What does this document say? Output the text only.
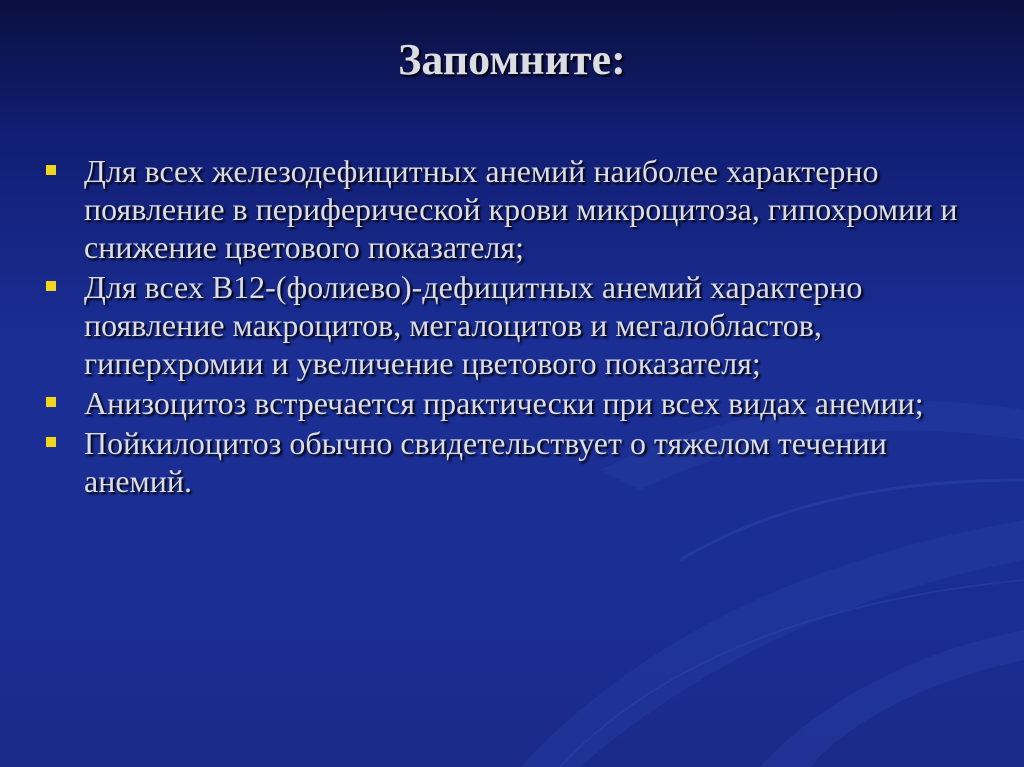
Запомните:
Для всех железодефицитных анемий наиболее характерно появление в периферической крови микроцитоза, гипохромии и снижение цветового показателя;
Для всех В12-(фолиево)-дефицитных анемий характерно появление макроцитов, мегалоцитов и мегалобластов, гиперхромии и увеличение цветового показателя;
Анизоцитоз встречается практически при всех видах анемии;
Пойкилоцитоз обычно свидетельствует о тяжелом течении анемий.
